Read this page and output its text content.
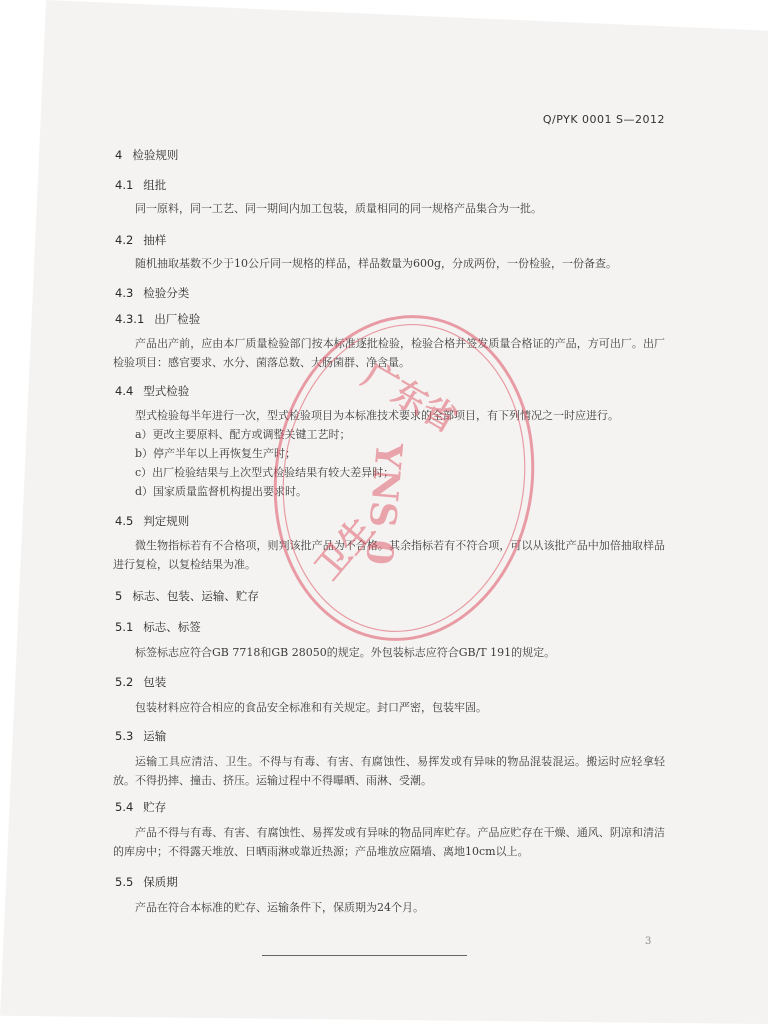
Q/PYK 0001 S—2012
4 检验规则
4.1 组批
同一原料，同一工艺、同一期间内加工包装，质量相同的同一规格产品集合为一批。
4.2 抽样
随机抽取基数不少于10公斤同一规格的样品，样品数量为600g，分成两份，一份检验，一份备查。
4.3 检验分类
4.3.1 出厂检验
产品出产前，应由本厂质量检验部门按本标准逐批检验，检验合格并签发质量合格证的产品，方可出厂。出厂检验项目：感官要求、水分、菌落总数、大肠菌群、净含量。
4.4 型式检验
型式检验每半年进行一次，型式检验项目为本标准技术要求的全部项目，有下列情况之一时应进行。
a）更改主要原料、配方或调整关键工艺时；
b）停产半年以上再恢复生产时；
c）出厂检验结果与上次型式检验结果有较大差异时；
d）国家质量监督机构提出要求时。
4.5 判定规则
微生物指标若有不合格项，则判该批产品为不合格。其余指标若有不符合项，可以从该批产品中加倍抽取样品进行复检，以复检结果为准。
5 标志、包装、运输、贮存
5.1 标志、标签
标签标志应符合GB 7718和GB 28050的规定。外包装标志应符合GB/T 191的规定。
5.2 包装
包装材料应符合相应的食品安全标准和有关规定。封口严密，包装牢固。
5.3 运输
运输工具应清洁、卫生。不得与有毒、有害、有腐蚀性、易挥发或有异味的物品混装混运。搬运时应轻拿轻放。不得扔摔、撞击、挤压。运输过程中不得曝晒、雨淋、受潮。
5.4 贮存
产品不得与有毒、有害、有腐蚀性、易挥发或有异味的物品同库贮存。产品应贮存在干燥、通风、阴凉和清洁的库房中；不得露天堆放、日晒雨淋或靠近热源；产品堆放应隔墙、离地10cm以上。
5.5 保质期
产品在符合本标准的贮存、运输条件下，保质期为24个月。
3
广东省
YNS 0
卫生
